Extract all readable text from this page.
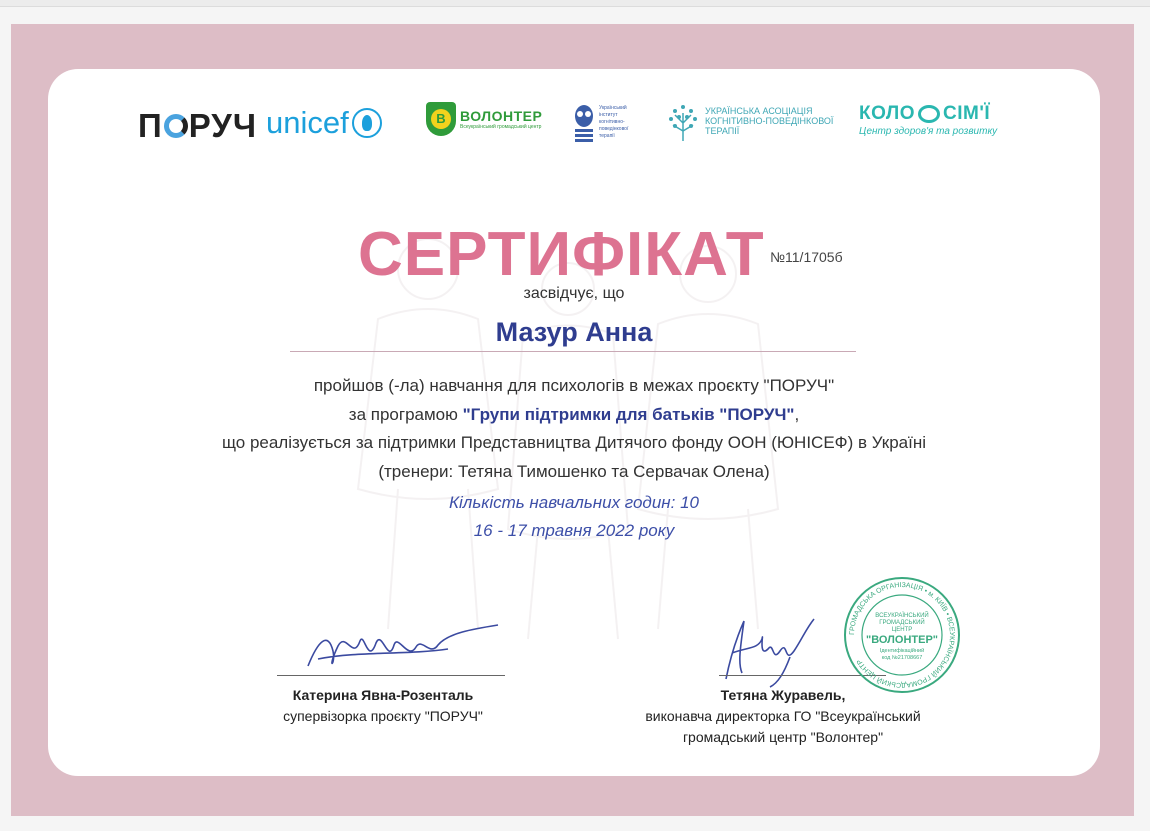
П РУЧ unicef	В	ВОЛОНТЕР
Всеукраїнський громадський центр
Український інститут когнітивно-поведінкової терапії
УКРАЇНСЬКА АСОЦІАЦІЯ КОГНІТИВНО-ПОВЕДІНКОВОЇ ТЕРАПІЇ
КОЛО СІМ'Ї
Центр здоров'я та розвитку
СЕРТИФІКАТ №11/1705б
засвідчує, що
Мазур Анна
пройшов (-ла) навчання для психологів в межах проєкту "ПОРУЧ"
за програмою "Групи підтримки для батьків "ПОРУЧ",
що реалізується за підтримки Представництва Дитячого фонду ООН (ЮНІСЕФ) в Україні
(тренери: Тетяна Тимошенко та Сервачак Олена)
Кількість навчальних годин: 10
16 - 17 травня 2022 року
Катерина Явна-Розенталь
супервізорка проєкту "ПОРУЧ"
Тетяна Журавель,
виконавча директорка ГО "Всеукраїнський
громадський центр "Волонтер"
ГРОМАДСЬКА ОРГАНІЗАЦІЯ • м. КИЇВ • ВСЕУКРАЇНСЬКИЙ ГРОМАДСЬКИЙ ЦЕНТР
ВСЕУКРАЇНСЬКИЙ
ГРОМАДСЬКИЙ
ЦЕНТР
"ВОЛОНТЕР"
Ідентифікаційний
код №21708667
